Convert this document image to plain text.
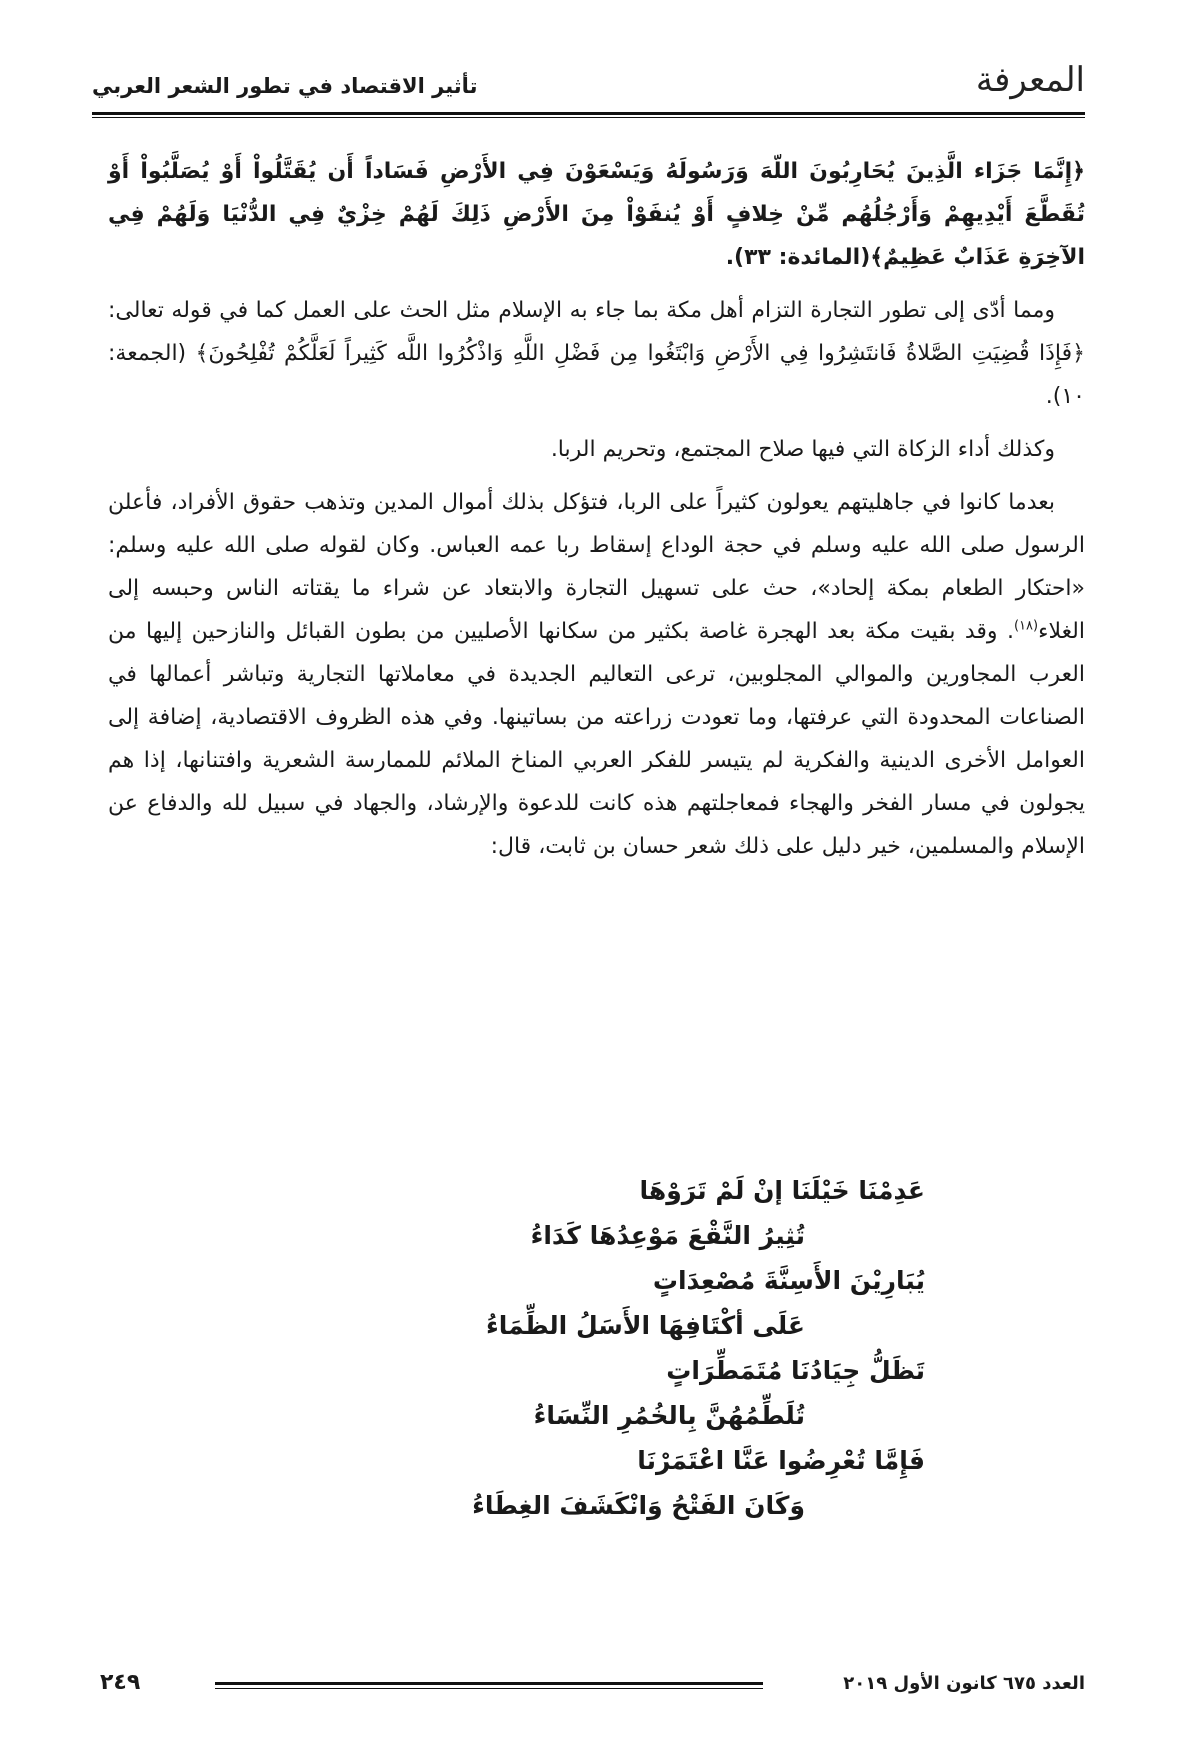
المعرفة
تأثير الاقتصاد في تطور الشعر العربي

﴿إِنَّمَا جَزَاء الَّذِينَ يُحَارِبُونَ اللّهَ وَرَسُولَهُ وَيَسْعَوْنَ فِي الأَرْضِ فَسَاداً أَن يُقَتَّلُواْ أَوْ يُصَلَّبُواْ أَوْ تُقَطَّعَ أَيْدِيهِمْ وَأَرْجُلُهُم مِّنْ خِلافٍ أَوْ يُنفَوْاْ مِنَ الأَرْضِ ذَلِكَ لَهُمْ خِزْيٌ فِي الدُّنْيَا وَلَهُمْ فِي الآخِرَةِ عَذَابٌ عَظِيمٌ﴾(المائدة: ٣٣).

ومما أدّى إلى تطور التجارة التزام أهل مكة بما جاء به الإسلام مثل الحث على العمل كما في قوله تعالى: ﴿فَإِذَا قُضِيَتِ الصَّلاةُ فَانتَشِرُوا فِي الأَرْضِ وَابْتَغُوا مِن فَضْلِ اللَّهِ وَاذْكُرُوا اللَّه كَثِيراً لَعَلَّكُمْ تُفْلِحُونَ﴾ (الجمعة: ١٠).

وكذلك أداء الزكاة التي فيها صلاح المجتمع، وتحريم الربا.

بعدما كانوا في جاهليتهم يعولون كثيراً على الربا، فتؤكل بذلك أموال المدين وتذهب حقوق الأفراد، فأعلن الرسول صلى الله عليه وسلم في حجة الوداع إسقاط ربا عمه العباس. وكان لقوله صلى الله عليه وسلم: «احتكار الطعام بمكة إلحاد»، حث على تسهيل التجارة والابتعاد عن شراء ما يقتاته الناس وحبسه إلى الغلاء$^{(١٨)}$. وقد بقيت مكة بعد الهجرة غاصة بكثير من سكانها الأصليين من بطون القبائل والنازحين إليها من العرب المجاورين والموالي المجلوبين، ترعى التعاليم الجديدة في معاملاتها التجارية وتباشر أعمالها في الصناعات المحدودة التي عرفتها، وما تعودت زراعته من بساتينها. وفي هذه الظروف الاقتصادية، إضافة إلى العوامل الأخرى الدينية والفكرية لم يتيسر للفكر العربي المناخ الملائم للممارسة الشعرية وافتنانها، إذا هم يجولون في مسار الفخر والهجاء فمعاجلتهم هذه كانت للدعوة والإرشاد، والجهاد في سبيل لله والدفاع عن الإسلام والمسلمين، خير دليل على ذلك شعر حسان بن ثابت، قال:

عَدِمْنَا خَيْلَنَا إنْ لَمْ تَرَوْهَا
تُثِيرُ النَّقْعَ مَوْعِدُهَا كَدَاءُ
يُبَارِيْنَ الأَسِنَّةَ مُصْعِدَاتٍ
عَلَى أكْتَافِهَا الأَسَلُ الظِّمَاءُ
تَظَلُّ جِيَادُنَا مُتَمَطِّرَاتٍ
تُلَطِّمُهُنَّ بِالخُمُرِ النِّسَاءُ
فَإِمَّا تُعْرِضُوا عَنَّا اعْتَمَرْنَا
وَكَانَ الفَتْحُ وَانْكَشَفَ الغِطَاءُ
العدد ٦٧٥ كانون الأول ٢٠١٩
٢٤٩
